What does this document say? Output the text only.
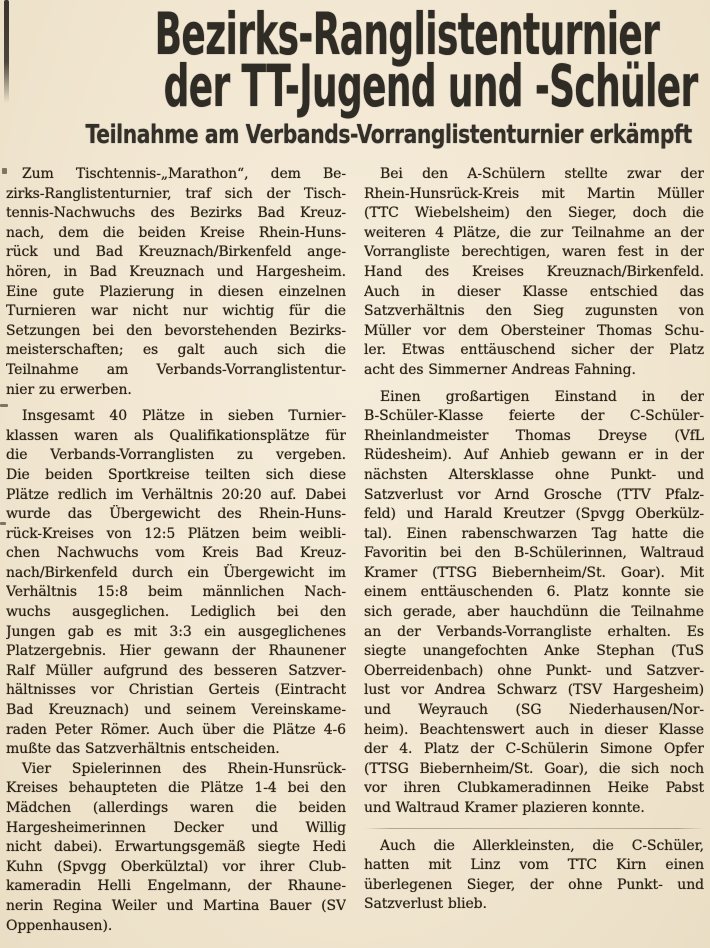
Bezirks-Ranglistenturnier
der TT-Jugend und -Schüler
Teilnahme am Verbands-Vorranglistenturnier erkämpft
Zum Tischtennis-„Marathon“, dem Be-
zirks-Ranglistenturnier, traf sich der Tisch-
tennis-Nachwuchs des Bezirks Bad Kreuz-
nach, dem die beiden Kreise Rhein-Huns-
rück und Bad Kreuznach/Birkenfeld ange-
hören, in Bad Kreuznach und Hargesheim.
Eine gute Plazierung in diesen einzelnen
Turnieren war nicht nur wichtig für die
Setzungen bei den bevorstehenden Bezirks-
meisterschaften; es galt auch sich die
Teilnahme am Verbands-Vorranglistentur-
nier zu erwerben.
Insgesamt 40 Plätze in sieben Turnier-
klassen waren als Qualifikationsplätze für
die Verbands-Vorranglisten zu vergeben.
Die beiden Sportkreise teilten sich diese
Plätze redlich im Verhältnis 20:20 auf. Dabei
wurde das Übergewicht des Rhein-Huns-
rück-Kreises von 12:5 Plätzen beim weibli-
chen Nachwuchs vom Kreis Bad Kreuz-
nach/Birkenfeld durch ein Übergewicht im
Verhältnis 15:8 beim männlichen Nach-
wuchs ausgeglichen. Lediglich bei den
Jungen gab es mit 3:3 ein ausgeglichenes
Platzergebnis. Hier gewann der Rhaunener
Ralf Müller aufgrund des besseren Satzver-
hältnisses vor Christian Gerteis (Eintracht
Bad Kreuznach) und seinem Vereinskame-
raden Peter Römer. Auch über die Plätze 4-6
mußte das Satzverhältnis entscheiden.
Vier Spielerinnen des Rhein-Hunsrück-
Kreises behaupteten die Plätze 1-4 bei den
Mädchen (allerdings waren die beiden
Hargesheimerinnen Decker und Willig
nicht dabei). Erwartungsgemäß siegte Hedi
Kuhn (Spvgg Oberkülztal) vor ihrer Club-
kameradin Helli Engelmann, der Rhaune-
nerin Regina Weiler und Martina Bauer (SV
Oppenhausen).
Bei den A-Schülern stellte zwar der
Rhein-Hunsrück-Kreis mit Martin Müller
(TTC Wiebelsheim) den Sieger, doch die
weiteren 4 Plätze, die zur Teilnahme an der
Vorrangliste berechtigen, waren fest in der
Hand des Kreises Kreuznach/Birkenfeld.
Auch in dieser Klasse entschied das
Satzverhältnis den Sieg zugunsten von
Müller vor dem Obersteiner Thomas Schu-
ler. Etwas enttäuschend sicher der Platz
acht des Simmerner Andreas Fahning.
Einen großartigen Einstand in der
B-Schüler-Klasse feierte der C-Schüler-
Rheinlandmeister Thomas Dreyse (VfL
Rüdesheim). Auf Anhieb gewann er in der
nächsten Altersklasse ohne Punkt- und
Satzverlust vor Arnd Grosche (TTV Pfalz-
feld) und Harald Kreutzer (Spvgg Oberkülz-
tal). Einen rabenschwarzen Tag hatte die
Favoritin bei den B-Schülerinnen, Waltraud
Kramer (TTSG Biebernheim/St. Goar). Mit
einem enttäuschenden 6. Platz konnte sie
sich gerade, aber hauchdünn die Teilnahme
an der Verbands-Vorrangliste erhalten. Es
siegte unangefochten Anke Stephan (TuS
Oberreidenbach) ohne Punkt- und Satzver-
lust vor Andrea Schwarz (TSV Hargesheim)
und Weyrauch (SG Niederhausen/Nor-
heim). Beachtenswert auch in dieser Klasse
der 4. Platz der C-Schülerin Simone Opfer
(TTSG Biebernheim/St. Goar), die sich noch
vor ihren Clubkameradinnen Heike Pabst
und Waltraud Kramer plazieren konnte.
Auch die Allerkleinsten, die C-Schüler,
hatten mit Linz vom TTC Kirn einen
überlegenen Sieger, der ohne Punkt- und
Satzverlust blieb.
